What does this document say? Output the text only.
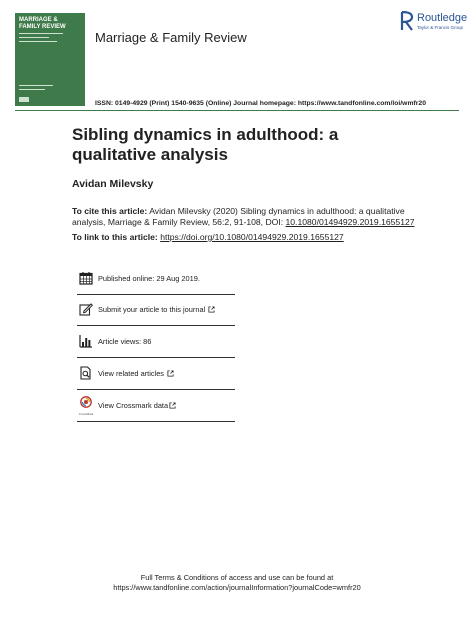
MARRIAGE &
FAMILY REVIEW
Marriage & Family Review
Routledge
Taylor & Francis Group
ISSN: 0149-4929 (Print) 1540-9635 (Online) Journal homepage: https://www.tandfonline.com/loi/wmfr20
Sibling dynamics in adulthood: a qualitative analysis
Avidan Milevsky
To cite this article: Avidan Milevsky (2020) Sibling dynamics in adulthood: a qualitative analysis, Marriage & Family Review, 56:2, 91-108, DOI: 10.1080/01494929.2019.1655127
To link to this article: https://doi.org/10.1080/01494929.2019.1655127
Published online: 29 Aug 2019.
Submit your article to this journal
Article views: 86
View related articles
CrossMark
View Crossmark data
Full Terms & Conditions of access and use can be found at
https://www.tandfonline.com/action/journalInformation?journalCode=wmfr20
